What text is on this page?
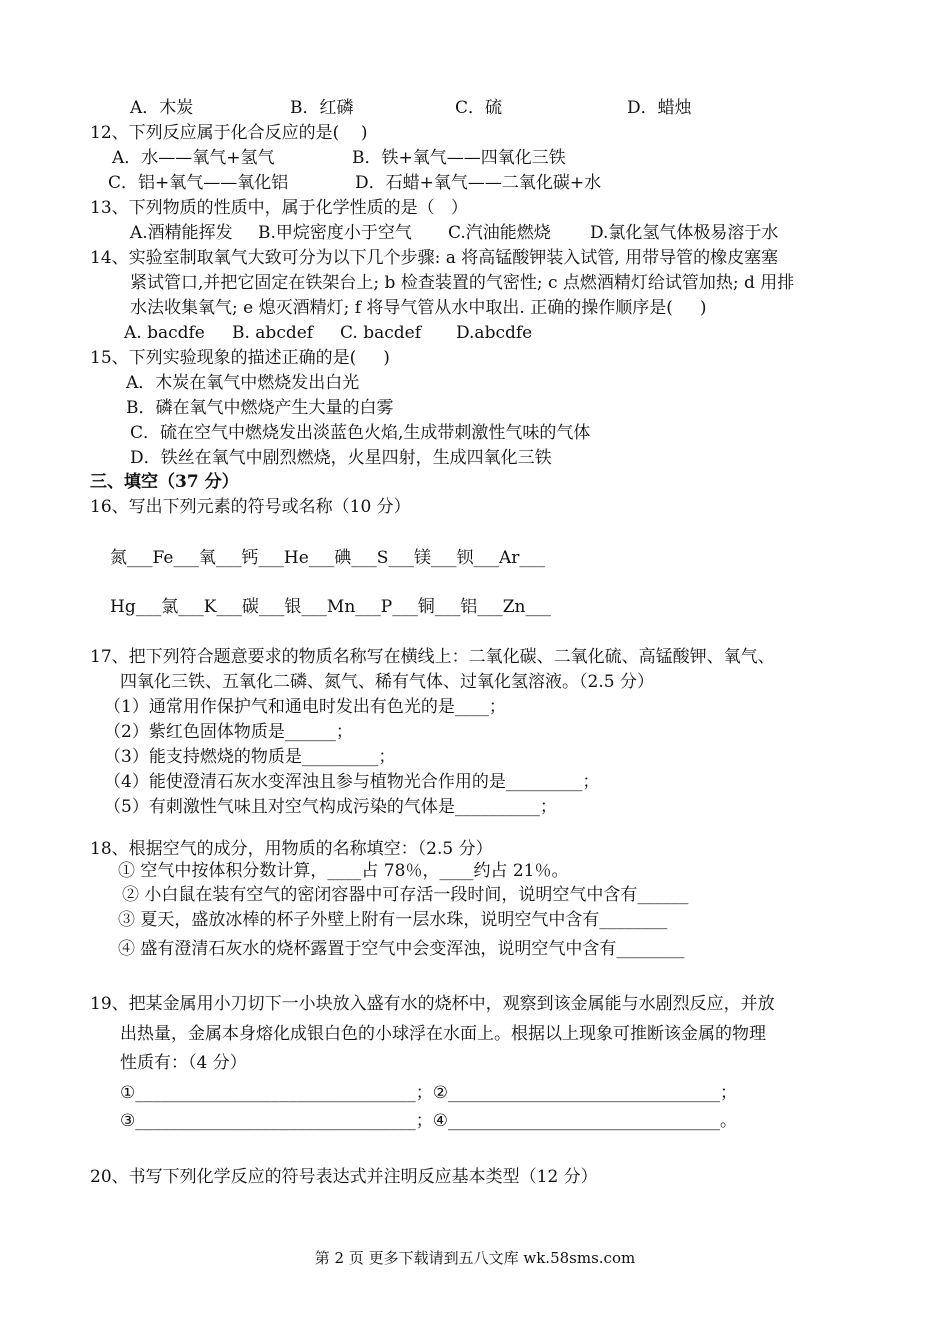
A．木炭	B．红磷	C．硫	D．蜡烛
12、下列反应属于化合反应的是(    )
A．水——氧气+氢气	B．铁+氧气——四氧化三铁
C．铝+氧气——氧化铝	D．石蜡+氧气——二氧化碳+水
13、下列物质的性质中，属于化学性质的是（   ）
A.酒精能挥发 B.甲烷密度小于空气 C.汽油能燃烧 D.氯化氢气体极易溶于水
14、实验室制取氧气大致可分为以下几个步骤: a 将高锰酸钾装入试管, 用带导管的橡皮塞塞
紧试管口,并把它固定在铁架台上; b 检查装置的气密性; c 点燃酒精灯给试管加热; d 用排
水法收集氧气; e 熄灭酒精灯; f 将导气管从水中取出. 正确的操作顺序是(     )
A. bacdfe B. abcdef C. bacdef D.abcdfe
15、下列实验现象的描述正确的是(     )
A．木炭在氧气中燃烧发出白光
B．磷在氧气中燃烧产生大量的白雾
C．硫在空气中燃烧发出淡蓝色火焰,生成带刺激性气味的气体
D．铁丝在氧气中剧烈燃烧，火星四射，生成四氧化三铁
三、填空（37 分）
16、写出下列元素的符号或名称（10 分）
氮___Fe___氧___钙___He___碘___S___镁___钡___Ar___
Hg___氯___K___碳___银___Mn___P___铜___铝___Zn___
17、把下列符合题意要求的物质名称写在横线上：二氧化碳、二氧化硫、高锰酸钾、氧气、
四氧化三铁、五氧化二磷、氮气、稀有气体、过氧化氢溶液。（2.5 分）
（1）通常用作保护气和通电时发出有色光的是____；
（2）紫红色固体物质是______；
（3）能支持燃烧的物质是_________；
（4）能使澄清石灰水变浑浊且参与植物光合作用的是_________；
（5）有刺激性气味且对空气构成污染的气体是__________；
18、根据空气的成分，用物质的名称填空：（2.5 分）
① 空气中按体积分数计算，____占 78％，____约占 21％。
② 小白鼠在装有空气的密闭容器中可存活一段时间，说明空气中含有______
③ 夏天，盛放冰棒的杯子外壁上附有一层水珠，说明空气中含有________
④ 盛有澄清石灰水的烧杯露置于空气中会变浑浊，说明空气中含有________
19、把某金属用小刀切下一小块放入盛有水的烧杯中，观察到该金属能与水剧烈反应，并放
出热量，金属本身熔化成银白色的小球浮在水面上。根据以上现象可推断该金属的物理
性质有：（4 分）
①_________________________________；②________________________________；
③_________________________________；④________________________________。
20、书写下列化学反应的符号表达式并注明反应基本类型（12 分）
第 2 页 更多下载请到五八文库 wk.58sms.com
